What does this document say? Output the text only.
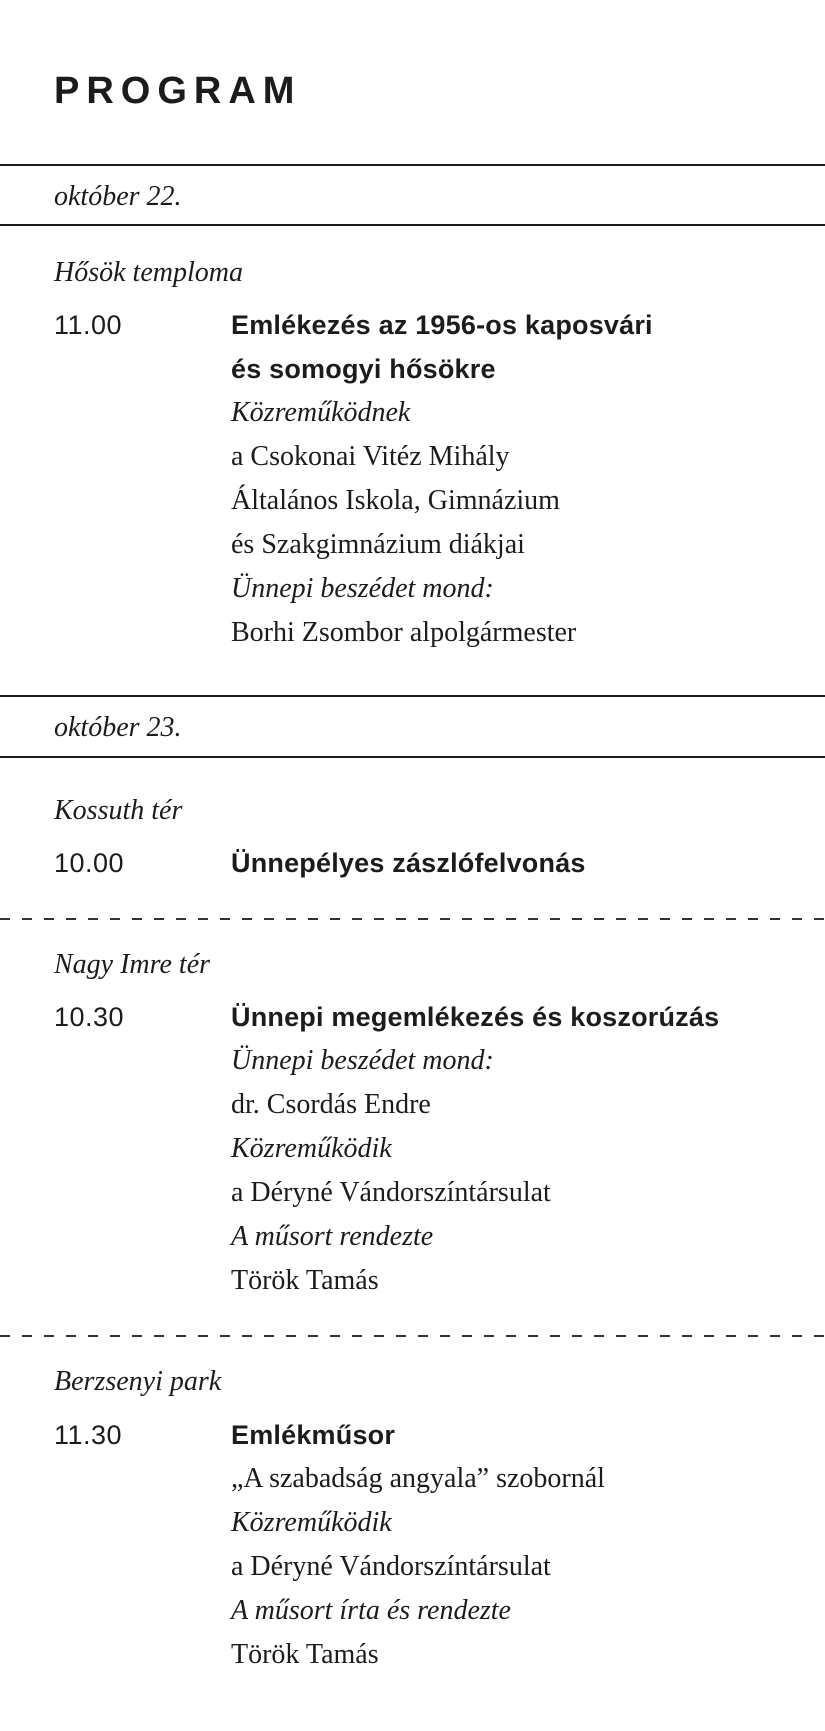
PROGRAM

október 22.

Hősök temploma

11.00	Emlékezés az 1956-os kaposvári
és somogyi hősökre
Közreműködnek
a Csokonai Vitéz Mihály
Általános Iskola, Gimnázium
és Szakgimnázium diákjai
Ünnepi beszédet mond:
Borhi Zsombor alpolgármester

október 23.

Kossuth tér

10.00	Ünnepélyes zászlófelvonás

Nagy Imre tér

10.30	Ünnepi megemlékezés és koszorúzás
Ünnepi beszédet mond:
dr. Csordás Endre
Közreműködik
a Déryné Vándorszíntársulat
A műsort rendezte
Török Tamás

Berzsenyi park

11.30	Emlékműsor
„A szabadság angyala” szobornál
Közreműködik
a Déryné Vándorszíntársulat
A műsort írta és rendezte
Török Tamás
